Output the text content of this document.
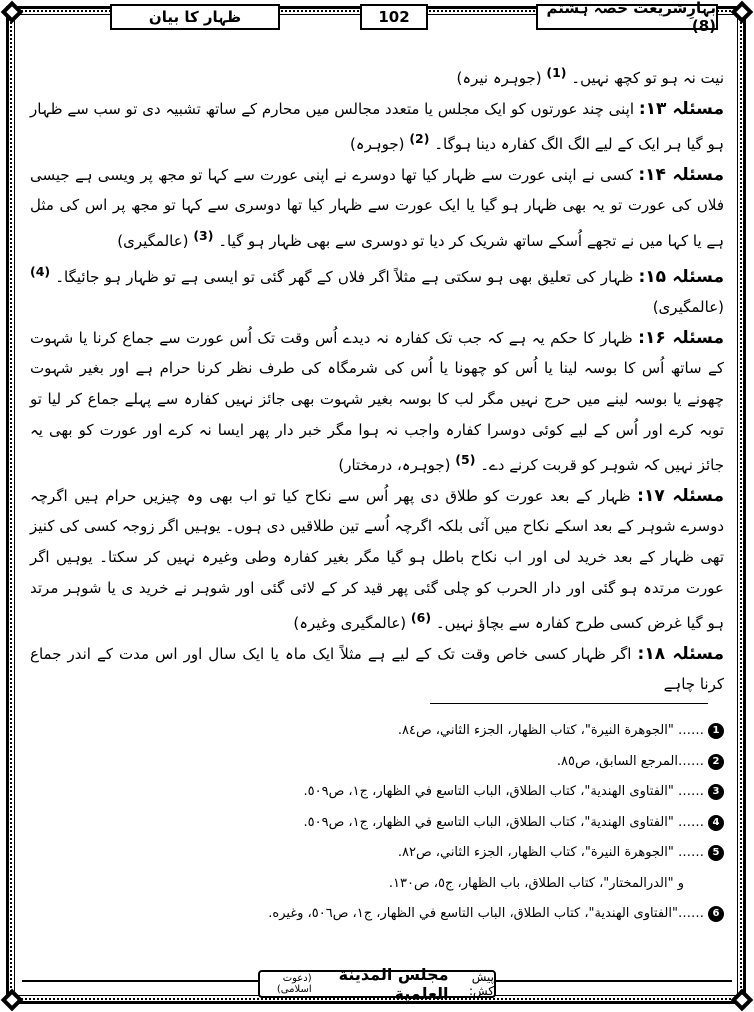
ظہار کا بیان	102	بہارِشریعت حصہ ہشتم (8)

نیت نہ ہو تو کچھ نہیں۔ $^{(1)}$ (جوہرہ نیرہ)

مسئلہ ۱۳: اپنی چند عورتوں کو ایک مجلس یا متعدد مجالس میں محارم کے ساتھ تشبیہ دی تو سب سے ظہار ہو گیا ہر ایک کے لیے الگ الگ کفارہ دینا ہوگا۔ $^{(2)}$ (جوہرہ)

مسئلہ ۱۴: کسی نے اپنی عورت سے ظہار کیا تھا دوسرے نے اپنی عورت سے کہا تو مجھ پر ویسی ہے جیسی فلاں کی عورت تو یہ بھی ظہار ہو گیا یا ایک عورت سے ظہار کیا تھا دوسری سے کہا تو مجھ پر اس کی مثل ہے یا کہا میں نے تجھے اُسکے ساتھ شریک کر دیا تو دوسری سے بھی ظہار ہو گیا۔ $^{(3)}$ (عالمگیری)

مسئلہ ۱۵: ظہار کی تعلیق بھی ہو سکتی ہے مثلاً اگر فلاں کے گھر گئی تو ایسی ہے تو ظہار ہو جائیگا۔ $^{(4)}$ (عالمگیری)

مسئلہ ۱۶: ظہار کا حکم یہ ہے کہ جب تک کفارہ نہ دیدے اُس وقت تک اُس عورت سے جماع کرنا یا شہوت کے ساتھ اُس کا بوسہ لینا یا اُس کو چھونا یا اُس کی شرمگاہ کی طرف نظر کرنا حرام ہے اور بغیر شہوت چھونے یا بوسہ لینے میں حرج نہیں مگر لب کا بوسہ بغیر شہوت بھی جائز نہیں کفارہ سے پہلے جماع کر لیا تو توبہ کرے اور اُس کے لیے کوئی دوسرا کفارہ واجب نہ ہوا مگر خبر دار پھر ایسا نہ کرے اور عورت کو بھی یہ جائز نہیں کہ شوہر کو قربت کرنے دے۔ $^{(5)}$ (جوہرہ، درمختار)

مسئلہ ۱۷: ظہار کے بعد عورت کو طلاق دی پھر اُس سے نکاح کیا تو اب بھی وہ چیزیں حرام ہیں اگرچہ دوسرے شوہر کے بعد اسکے نکاح میں آئی بلکہ اگرچہ اُسے تین طلاقیں دی ہوں۔ یوہیں اگر زوجہ کسی کی کنیز تھی ظہار کے بعد خرید لی اور اب نکاح باطل ہو گیا مگر بغیر کفارہ وطی وغیرہ نہیں کر سکتا۔ یوہیں اگر عورت مرتدہ ہو گئی اور دار الحرب کو چلی گئی پھر قید کر کے لائی گئی اور شوہر نے خرید ی یا شوہر مرتد ہو گیا غرض کسی طرح کفارہ سے بچاؤ نہیں۔ $^{(6)}$ (عالمگیری وغیرہ)

مسئلہ ۱۸: اگر ظہار کسی خاص وقت تک کے لیے ہے مثلاً ایک ماہ یا ایک سال اور اس مدت کے اندر جماع کرنا چاہے

1
…… "الجوهرة النيرة"، كتاب الظهار، الجزء الثاني، ص٨٤.
2
……المرجع السابق، ص٨٥.
3
…… "الفتاوى الهندية"، كتاب الطلاق، الباب التاسع في الظهار، ج١، ص٥٠٩.
4
…… "الفتاوى الهندية"، كتاب الطلاق، الباب التاسع في الظهار، ج١، ص٥٠٩.
5
…… "الجوهرة النيرة"، كتاب الظهار، الجزء الثاني، ص٨٢.
و "الدرالمختار"، كتاب الطلاق، باب الظهار، ج٥، ص١٣٠.
6
……"الفتاوى الهندية"، كتاب الطلاق، الباب التاسع في الظهار، ج١، ص٥٠٦، وغيره.
پیش کش:
مجلس المدينة العلمية
(دعوت اسلامی)
